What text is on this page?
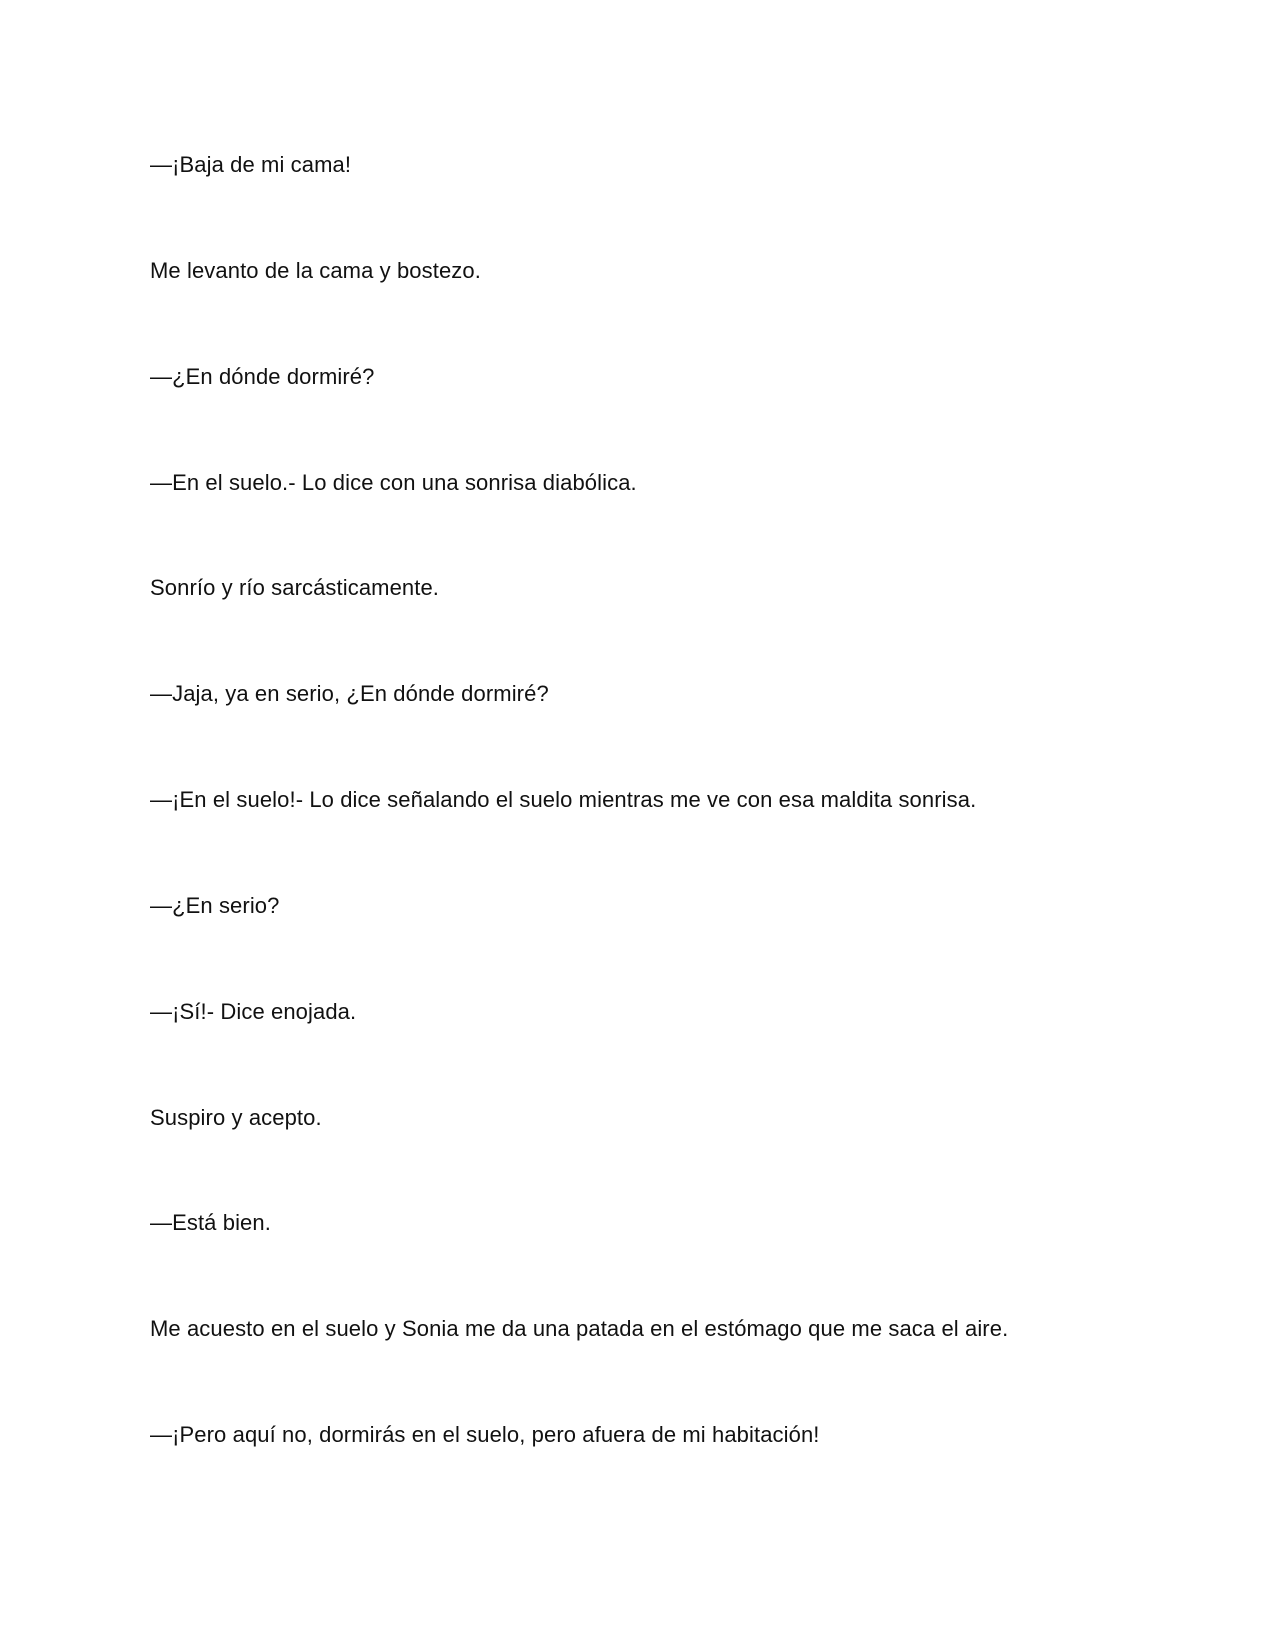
—¡Baja de mi cama!

Me levanto de la cama y bostezo.

—¿En dónde dormiré?

—En el suelo.- Lo dice con una sonrisa diabólica.

Sonrío y río sarcásticamente.

—Jaja, ya en serio, ¿En dónde dormiré?

—¡En el suelo!- Lo dice señalando el suelo mientras me ve con esa maldita sonrisa.

—¿En serio?

—¡Sí!- Dice enojada.

Suspiro y acepto.

—Está bien.

Me acuesto en el suelo y Sonia me da una patada en el estómago que me saca el aire.

—¡Pero aquí no, dormirás en el suelo, pero afuera de mi habitación!
